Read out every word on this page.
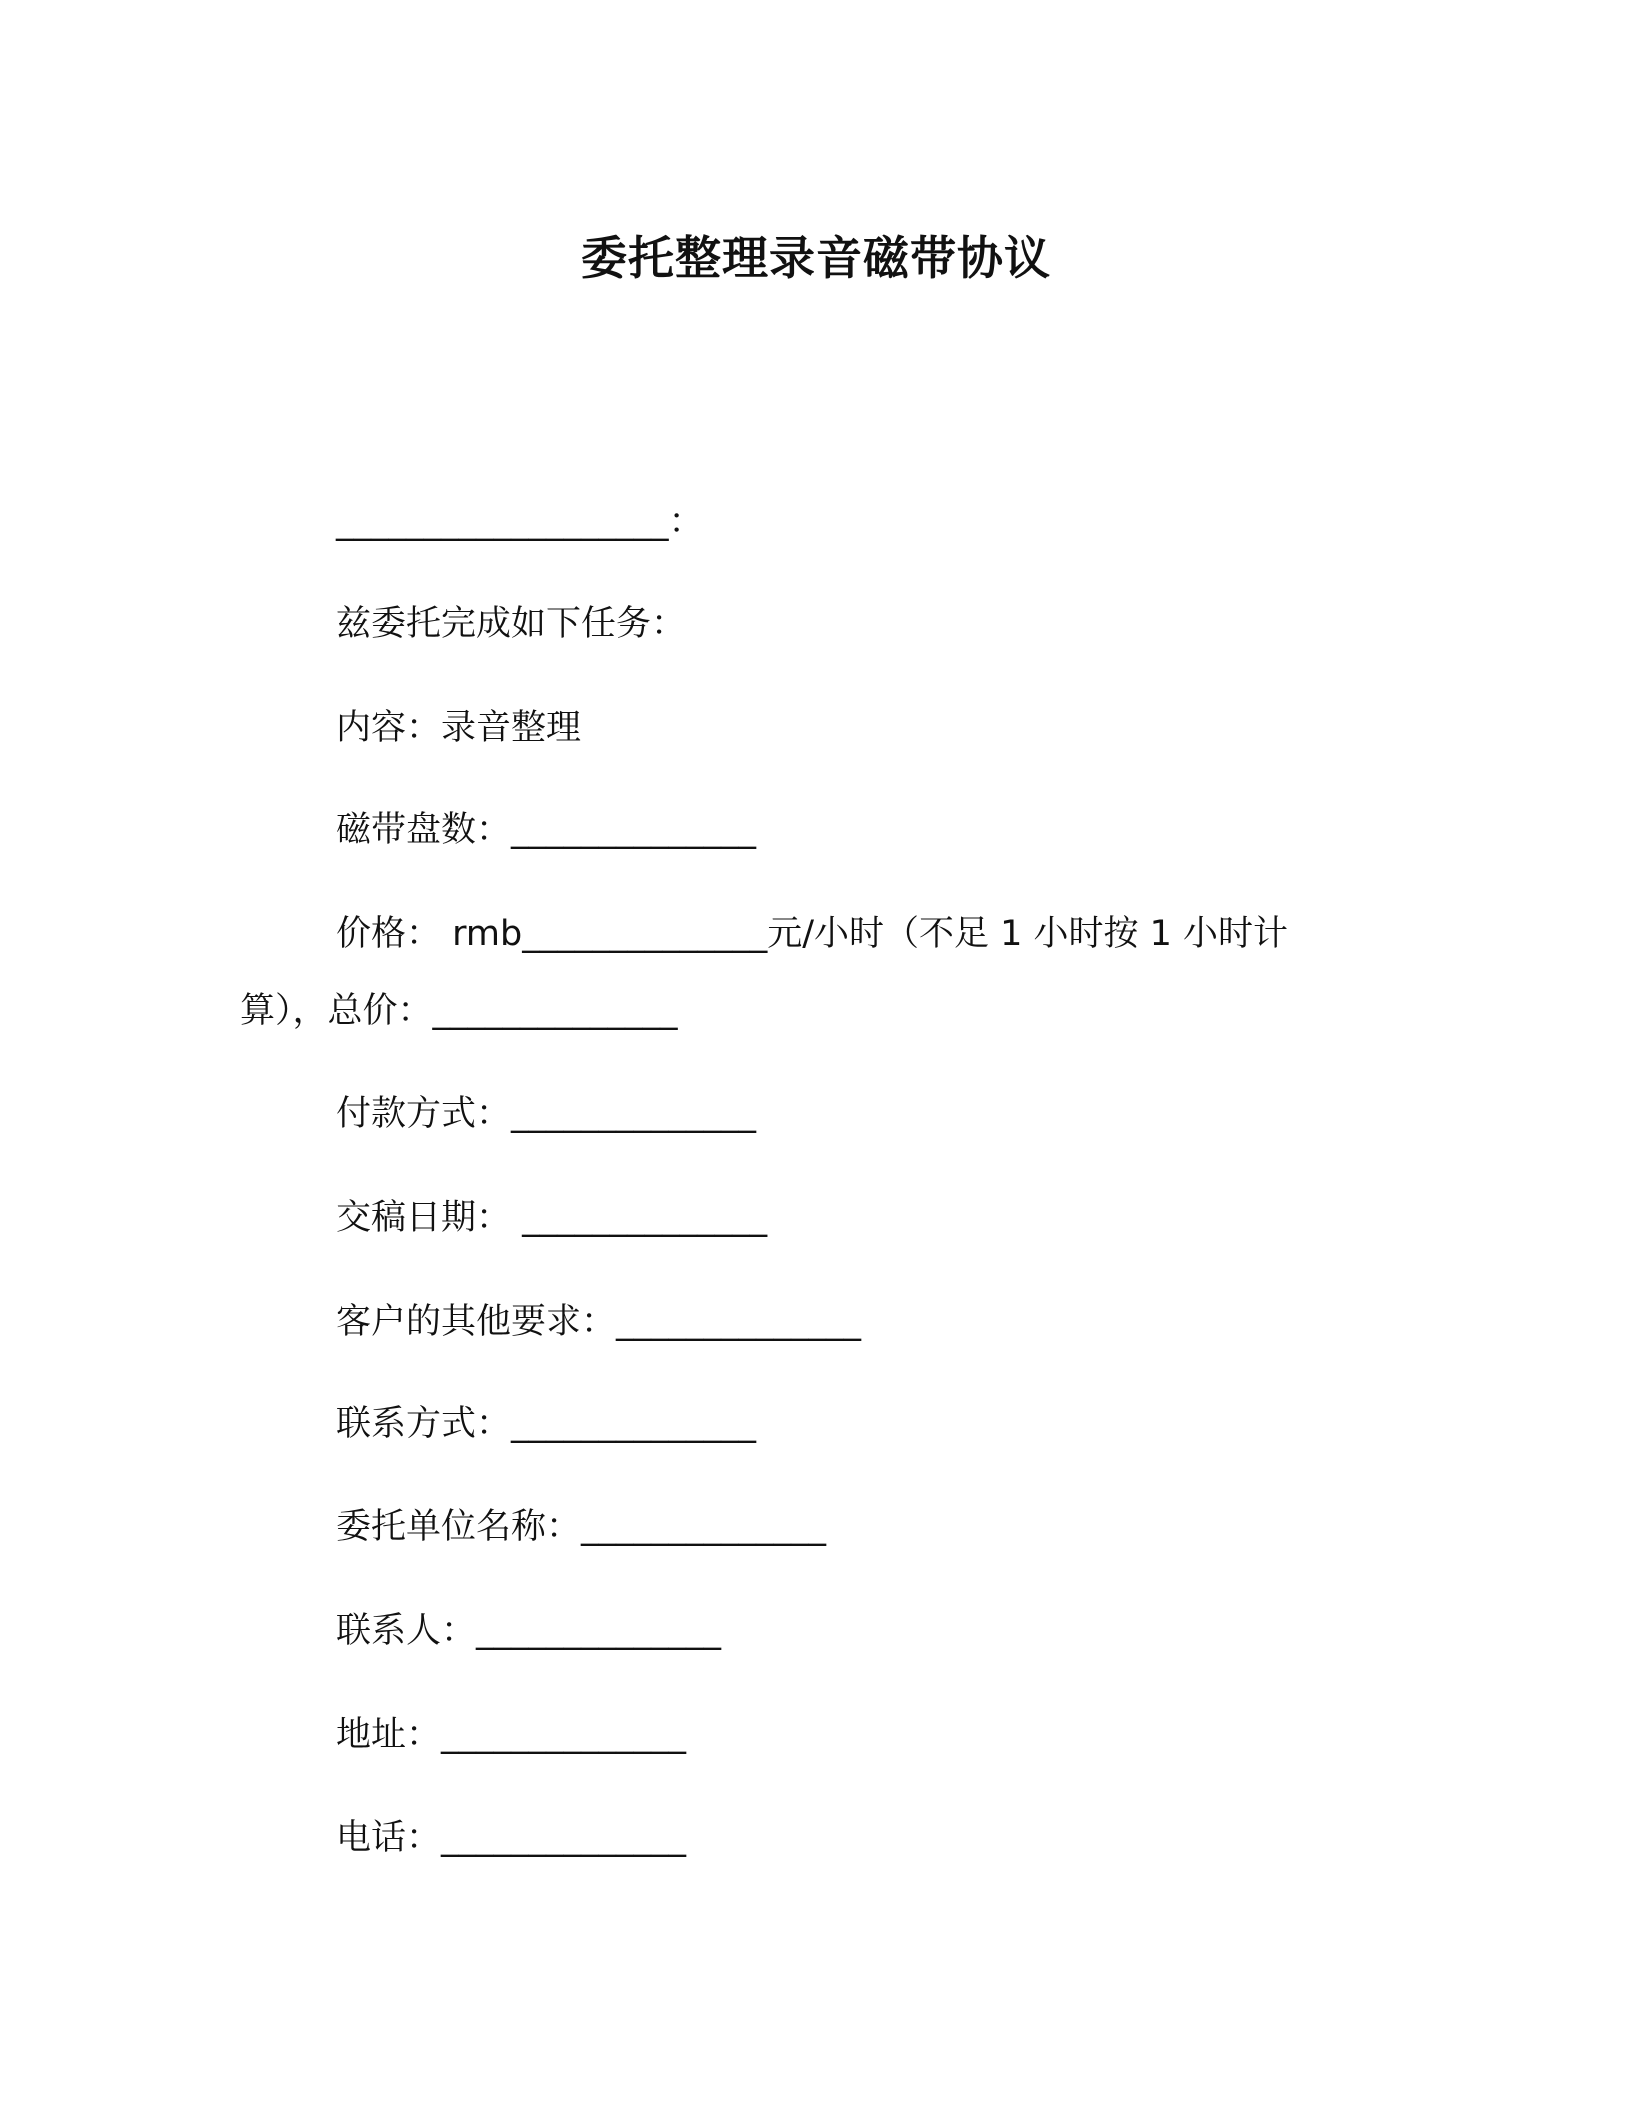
委托整理录音磁带协议
___________________：
兹委托完成如下任务：
内容：录音整理
磁带盘数：______________
价格： rmb______________元/小时（不足 1 小时按 1 小时计
算），总价：______________
付款方式：______________
交稿日期： ______________
客户的其他要求：______________
联系方式：______________
委托单位名称：______________
联系人：______________
地址：______________
电话：______________
